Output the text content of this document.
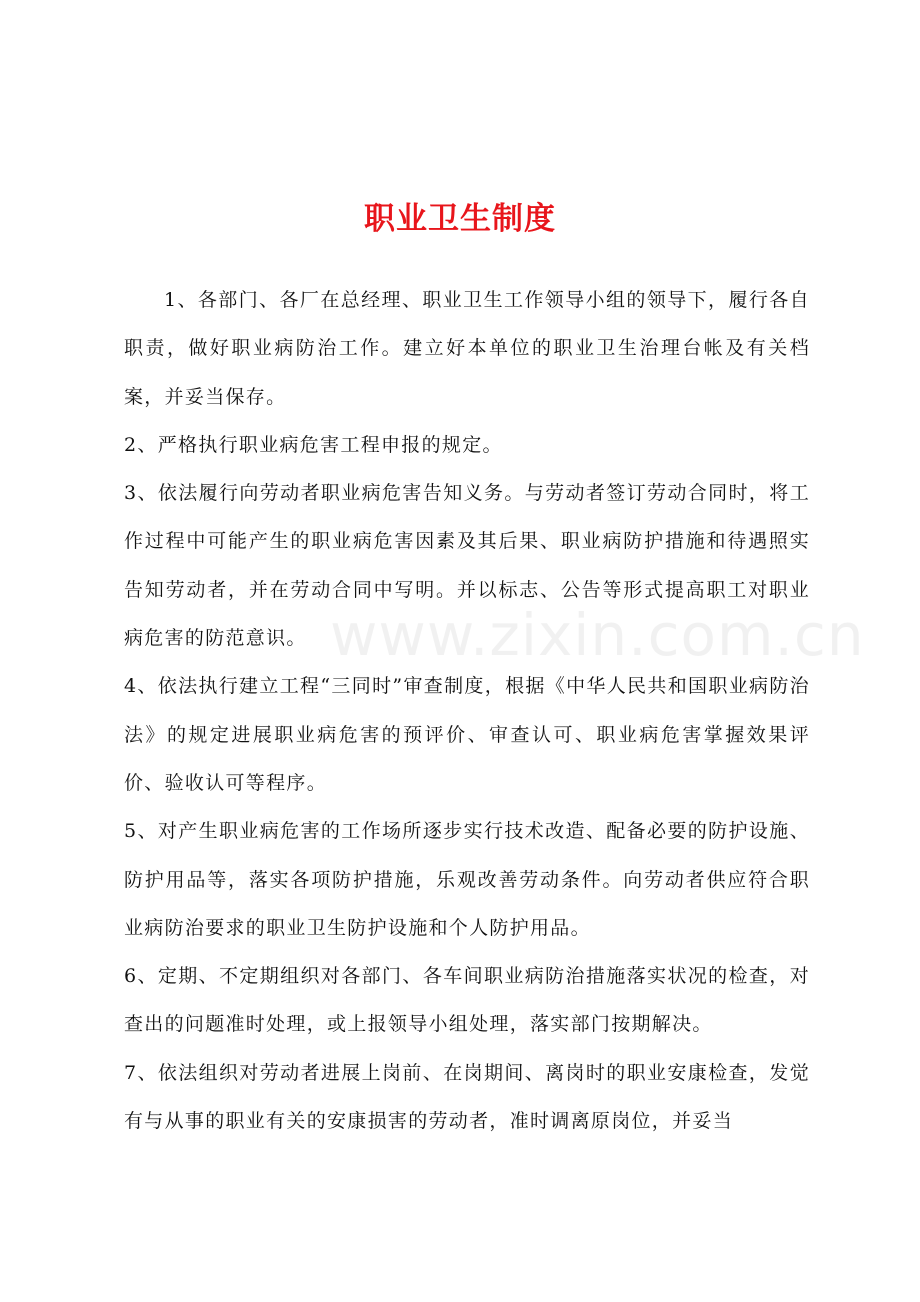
职业卫生制度

1、各部门、各厂在总经理、职业卫生工作领导小组的领导下，履行各自职责，做好职业病防治工作。建立好本单位的职业卫生治理台帐及有关档案，并妥当保存。

2、严格执行职业病危害工程申报的规定。

3、依法履行向劳动者职业病危害告知义务。与劳动者签订劳动合同时，将工作过程中可能产生的职业病危害因素及其后果、职业病防护措施和待遇照实告知劳动者，并在劳动合同中写明。并以标志、公告等形式提高职工对职业病危害的防范意识。

4、依法执行建立工程“三同时”审查制度，根据《中华人民共和国职业病防治法》的规定进展职业病危害的预评价、审查认可、职业病危害掌握效果评价、验收认可等程序。

5、对产生职业病危害的工作场所逐步实行技术改造、配备必要的防护设施、防护用品等，落实各项防护措施，乐观改善劳动条件。向劳动者供应符合职业病防治要求的职业卫生防护设施和个人防护用品。

6、定期、不定期组织对各部门、各车间职业病防治措施落实状况的检查，对查出的问题准时处理，或上报领导小组处理，落实部门按期解决。

7、依法组织对劳动者进展上岗前、在岗期间、离岗时的职业安康检查，发觉有与从事的职业有关的安康损害的劳动者，准时调离原岗位，并妥当

www.zixin.com.cn
